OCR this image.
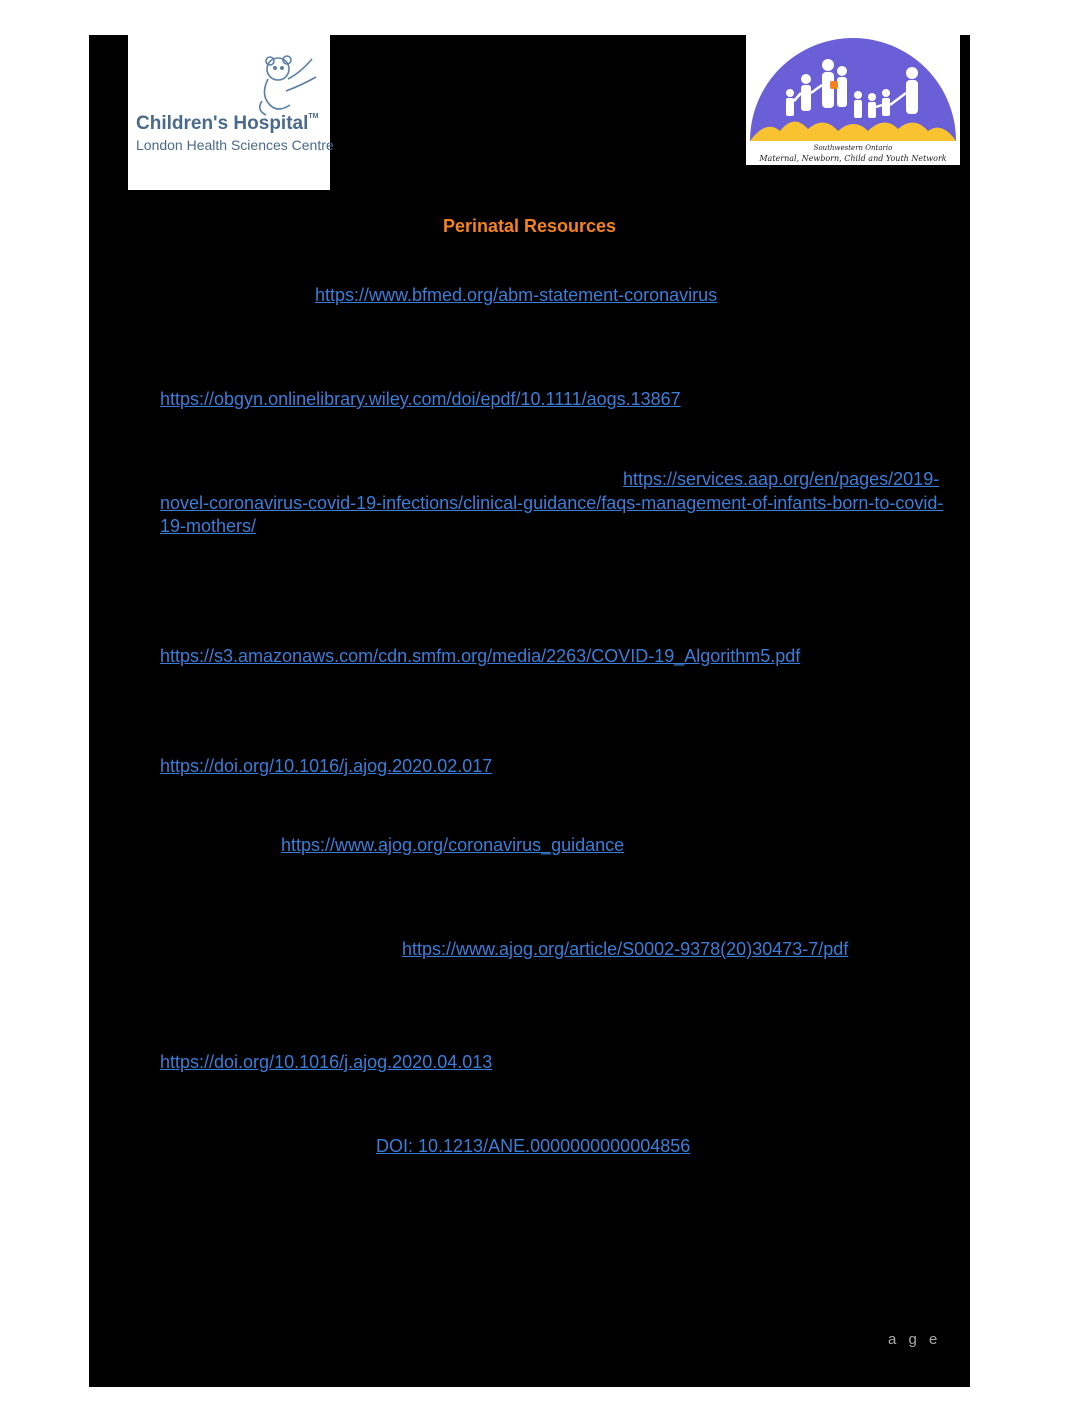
Children's Hospital™
London Health Sciences Centre	Southwestern Ontario
Maternal, Newborn, Child and Youth Network
Perinatal Resources
https://www.bfmed.org/abm-statement-coronavirus
https://obgyn.onlinelibrary.wiley.com/doi/epdf/10.1111/aogs.13867
https://services.aap.org/en/pages/2019-
novel-coronavirus-covid-19-infections/clinical-guidance/faqs-management-of-infants-born-to-covid-
19-mothers/
https://s3.amazonaws.com/cdn.smfm.org/media/2263/COVID-19_Algorithm5.pdf
https://doi.org/10.1016/j.ajog.2020.02.017
https://www.ajog.org/coronavirus_guidance
https://www.ajog.org/article/S0002-9378(20)30473-7/pdf
https://doi.org/10.1016/j.ajog.2020.04.013
DOI: 10.1213/ANE.0000000000004856
a g e
